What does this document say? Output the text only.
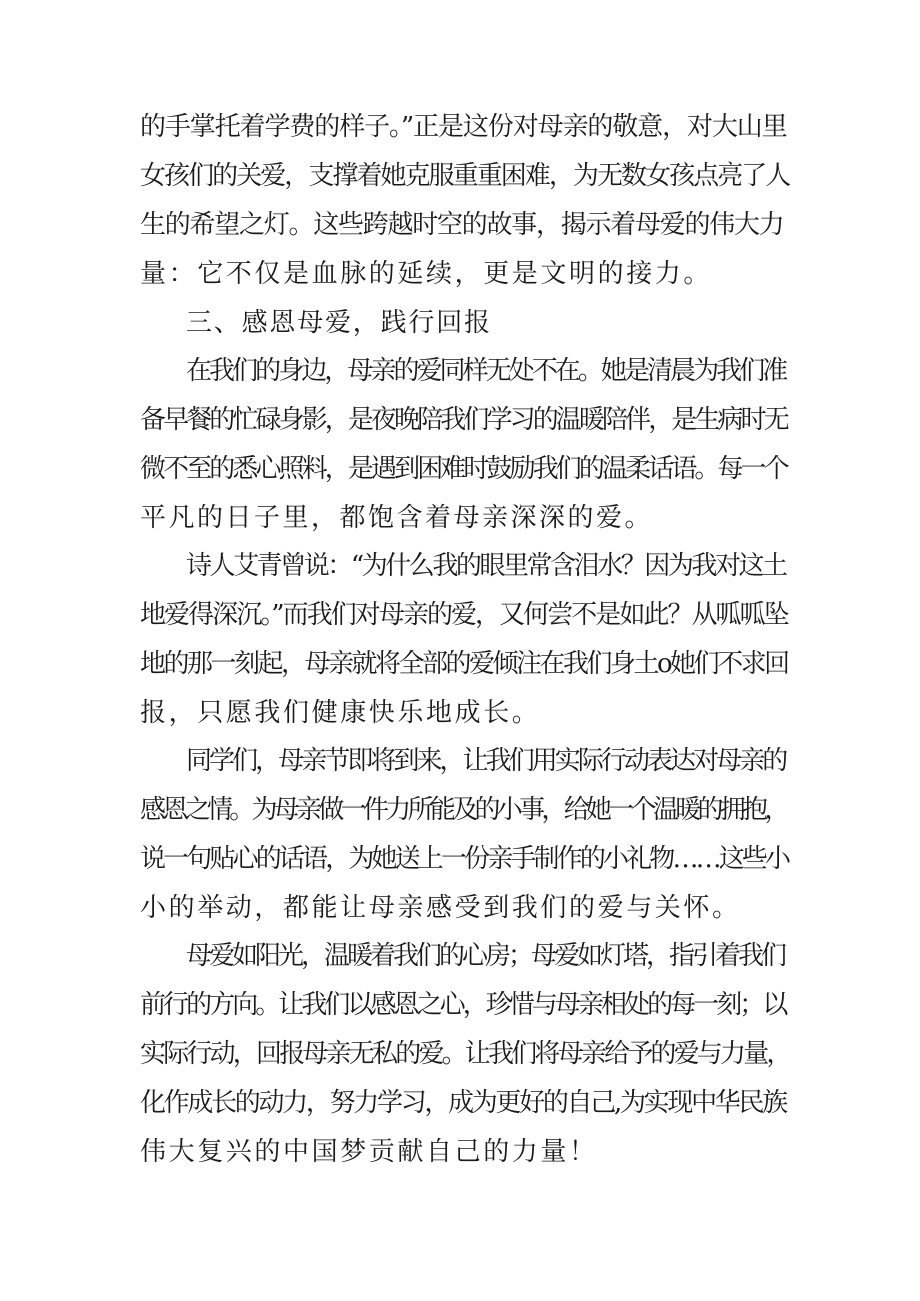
的手掌托着学费的样子。”正是这份对母亲的敬意，对大山里
女孩们的关爱，支撑着她克服重重困难，为无数女孩点亮了人
生的希望之灯。这些跨越时空的故事，揭示着母爱的伟大力
量：它不仅是血脉的延续，更是文明的接力。
三、感恩母爱，践行回报
在我们的身边，母亲的爱同样无处不在。她是清晨为我们准
备早餐的忙碌身影，是夜晚陪我们学习的温暖陪伴，是生病时无
微不至的悉心照料，是遇到困难时鼓励我们的温柔话语。每一个
平凡的日子里，都饱含着母亲深深的爱。
诗人艾青曾说：“为什么我的眼里常含泪水？因为我对这土
地爱得深沉。”而我们对母亲的爱，又何尝不是如此？从呱呱坠
地的那一刻起，母亲就将全部的爱倾注在我们身土o她们不求回
报，只愿我们健康快乐地成长。
同学们，母亲节即将到来，让我们用实际行动表达对母亲的
感恩之情。为母亲做一件力所能及的小事，给她一个温暖的拥抱，
说一句贴心的话语，为她送上一份亲手制作的小礼物……这些小
小的举动，都能让母亲感受到我们的爱与关怀。
母爱如阳光，温暖着我们的心房；母爱如灯塔，指引着我们
前行的方向。让我们以感恩之心，珍惜与母亲相处的每一刻；以
实际行动，回报母亲无私的爱。让我们将母亲给予的爱与力量，
化作成长的动力，努力学习，成为更好的自己,为实现中华民族
伟大复兴的中国梦贡献自己的力量！
